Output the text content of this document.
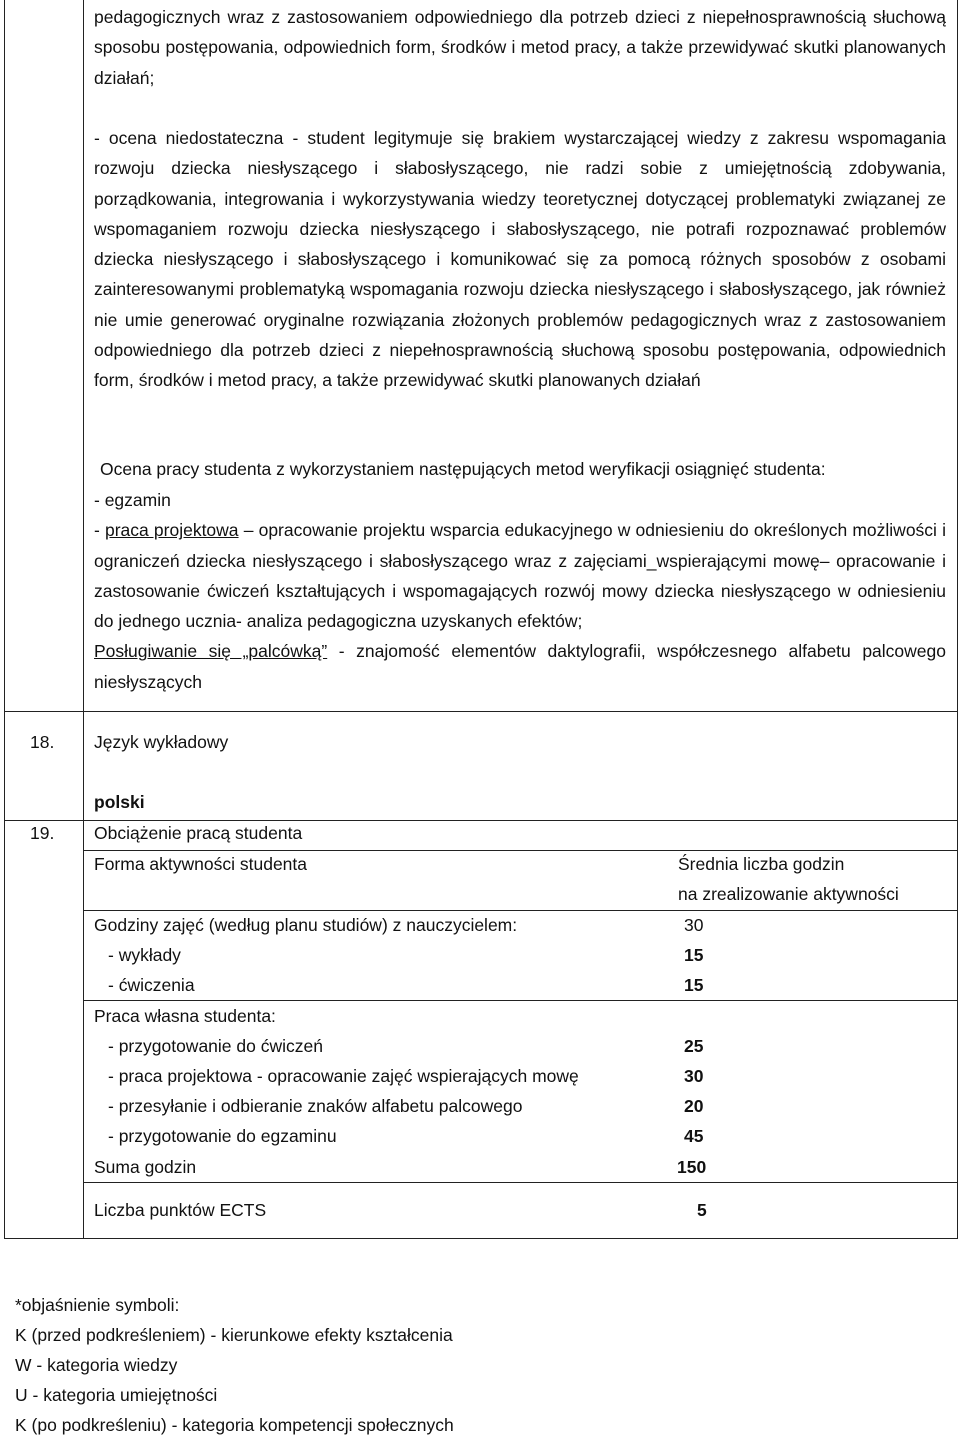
pedagogicznych wraz z zastosowaniem odpowiedniego dla potrzeb dzieci z niepełnosprawnością słuchową sposobu postępowania, odpowiednich form, środków i metod pracy, a także przewidywać skutki planowanych działań;

- ocena niedostateczna - student legitymuje się brakiem wystarczającej wiedzy z zakresu wspomagania rozwoju dziecka niesłyszącego i słabosłyszącego, nie radzi sobie z umiejętnością zdobywania, porządkowania, integrowania i wykorzystywania wiedzy teoretycznej dotyczącej problematyki związanej ze wspomaganiem rozwoju dziecka niesłyszącego i słabosłyszącego, nie potrafi rozpoznawać problemów dziecka niesłyszącego i słabosłyszącego i komunikować się za pomocą różnych sposobów z osobami zainteresowanymi problematyką wspomagania rozwoju dziecka niesłyszącego i słabosłyszącego, jak również nie umie generować oryginalne rozwiązania złożonych problemów pedagogicznych wraz z zastosowaniem odpowiedniego dla potrzeb dzieci z niepełnosprawnością słuchową sposobu postępowania, odpowiednich form, środków i metod pracy, a także przewidywać skutki planowanych działań

Ocena pracy studenta z wykorzystaniem następujących metod weryfikacji osiągnięć studenta:

- egzamin

- praca projektowa – opracowanie projektu wsparcia edukacyjnego w odniesieniu do określonych możliwości i ograniczeń dziecka niesłyszącego i słabosłyszącego wraz z zajęciami_wspierającymi mowę– opracowanie i zastosowanie ćwiczeń kształtujących i wspomagających rozwój mowy dziecka niesłyszącego w odniesieniu do jednego ucznia- analiza pedagogiczna uzyskanych efektów;

Posługiwanie się „palcówką” - znajomość elementów daktylografii, współczesnego alfabetu palcowego niesłyszących

18. Język wykładowy
polski
19. Obciążenie pracą studenta
Forma aktywności studenta	Średnia liczba godzin
na zrealizowanie aktywności
Godziny zajęć (według planu studiów) z nauczycielem:	30
- wykłady	15
- ćwiczenia	15
Praca własna studenta:
- przygotowanie do ćwiczeń	25
- praca projektowa - opracowanie zajęć wspierających mowę	30
- przesyłanie i odbieranie znaków alfabetu palcowego	20
- przygotowanie do egzaminu	45
Suma godzin	150
Liczba punktów ECTS	5
*objaśnienie symboli:
K (przed podkreśleniem) - kierunkowe efekty kształcenia
W - kategoria wiedzy
U - kategoria umiejętności
K (po podkreśleniu) - kategoria kompetencji społecznych
